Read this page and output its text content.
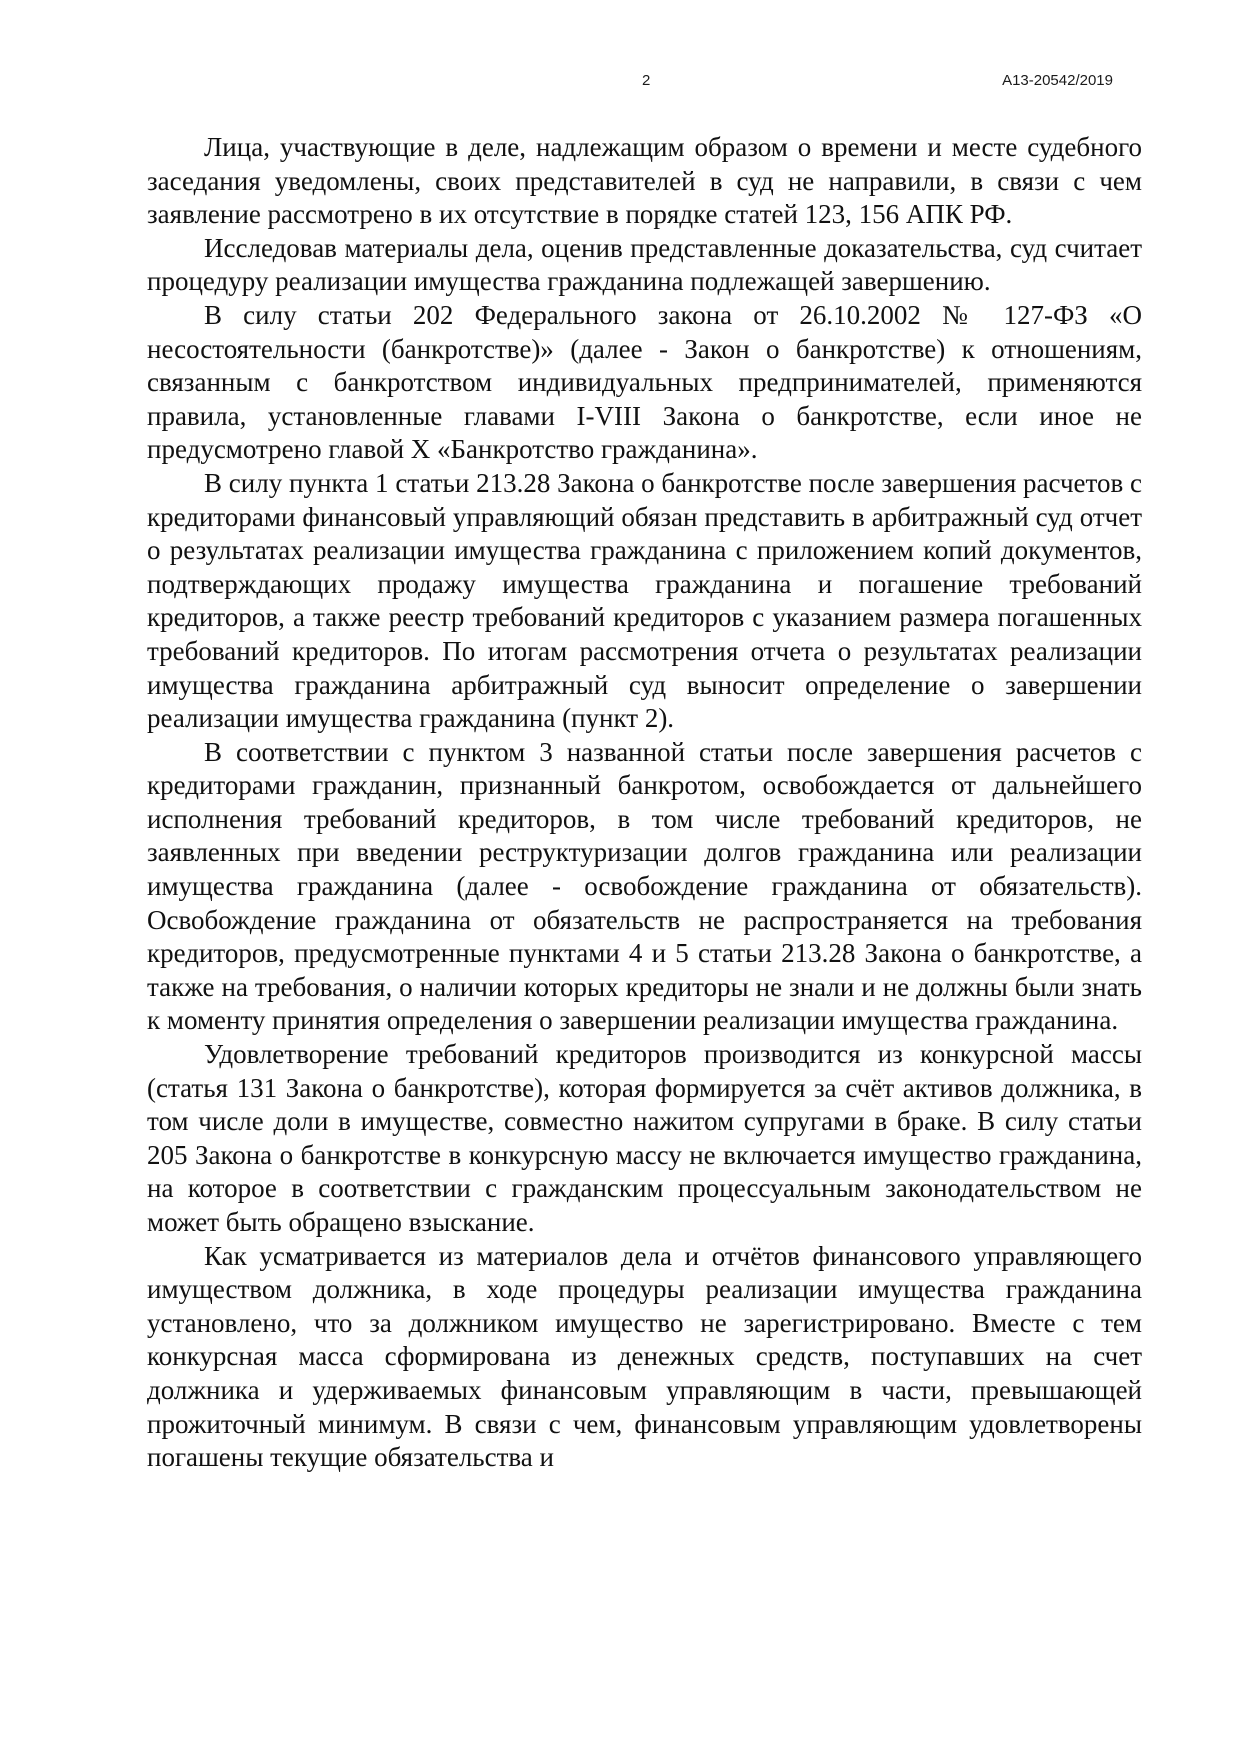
2	А13-20542/2019

Лица, участвующие в деле, надлежащим образом о времени и месте судебного заседания уведомлены, своих представителей в суд не направили, в связи с чем заявление рассмотрено в их отсутствие в порядке статей 123, 156 АПК РФ.

Исследовав материалы дела, оценив представленные доказательства, суд считает процедуру реализации имущества гражданина подлежащей завершению.

В силу статьи 202 Федерального закона от 26.10.2002 № 127-ФЗ «О несостоятельности (банкротстве)» (далее - Закон о банкротстве) к отношениям, связанным с банкротством индивидуальных предпринимателей, применяются правила, установленные главами I-VIII Закона о банкротстве, если иное не предусмотрено главой X «Банкротство гражданина».

В силу пункта 1 статьи 213.28 Закона о банкротстве после завершения расчетов с кредиторами финансовый управляющий обязан представить в арбитражный суд отчет о результатах реализации имущества гражданина с приложением копий документов, подтверждающих продажу имущества гражданина и погашение требований кредиторов, а также реестр требований кредиторов с указанием размера погашенных требований кредиторов. По итогам рассмотрения отчета о результатах реализации имущества гражданина арбитражный суд выносит определение о завершении реализации имущества гражданина (пункт 2).

В соответствии с пунктом 3 названной статьи после завершения расчетов с кредиторами гражданин, признанный банкротом, освобождается от дальнейшего исполнения требований кредиторов, в том числе требований кредиторов, не заявленных при введении реструктуризации долгов гражданина или реализации имущества гражданина (далее - освобождение гражданина от обязательств). Освобождение гражданина от обязательств не распространяется на требования кредиторов, предусмотренные пунктами 4 и 5 статьи 213.28 Закона о банкротстве, а также на требования, о наличии которых кредиторы не знали и не должны были знать к моменту принятия определения о завершении реализации имущества гражданина.

Удовлетворение требований кредиторов производится из конкурсной массы (статья 131 Закона о банкротстве), которая формируется за счёт активов должника, в том числе доли в имуществе, совместно нажитом супругами в браке. В силу статьи 205 Закона о банкротстве в конкурсную массу не включается имущество гражданина, на которое в соответствии с гражданским процессуальным законодательством не может быть обращено взыскание.

Как усматривается из материалов дела и отчётов финансового управляющего имуществом должника, в ходе процедуры реализации имущества гражданина установлено, что за должником имущество не зарегистрировано. Вместе с тем конкурсная масса сформирована из денежных средств, поступавших на счет должника и удерживаемых финансовым управляющим в части, превышающей прожиточный минимум. В связи с чем, финансовым управляющим удовлетворены погашены текущие обязательства и
